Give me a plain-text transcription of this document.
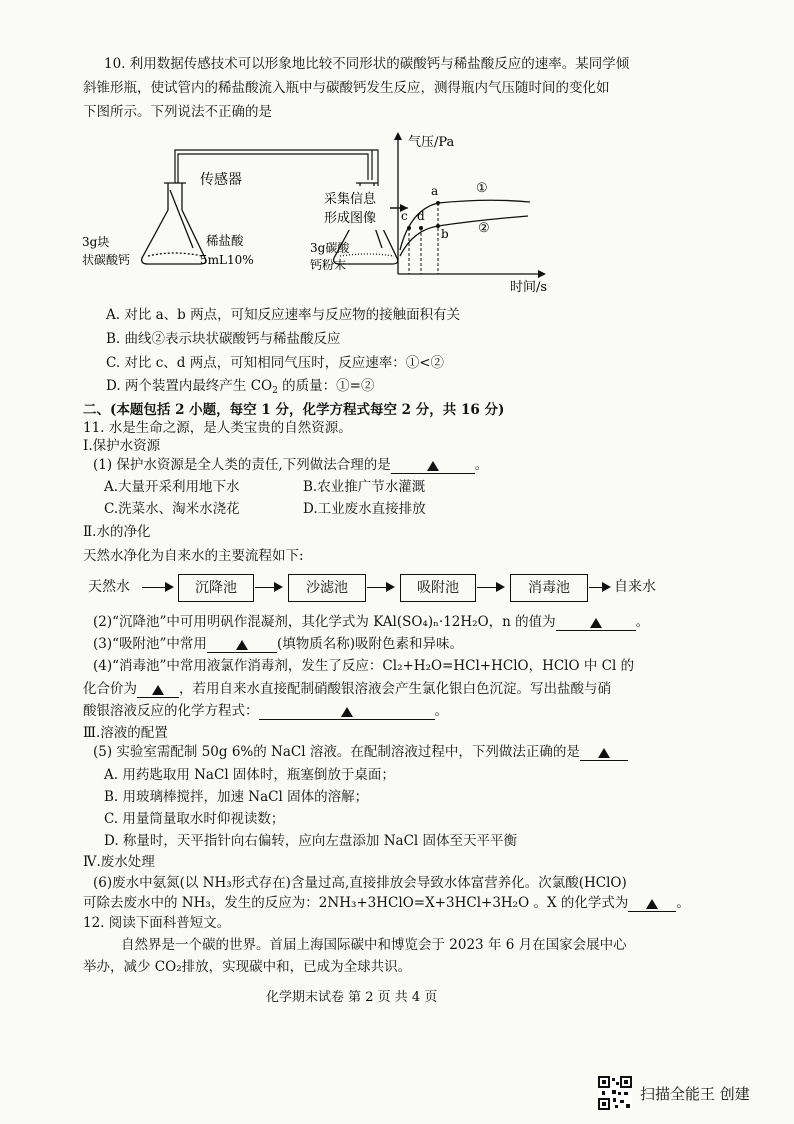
10. 利用数据传感技术可以形象地比较不同形状的碳酸钙与稀盐酸反应的速率。某同学倾
斜锥形瓶，使试管内的稀盐酸流入瓶中与碳酸钙发生反应，测得瓶内气压随时间的变化如
下图所示。下列说法不正确的是
传感器
3g块
状碳酸钙
稀盐酸
5mL10%
3g碳酸
钙粉末
采集信息
形成图像
气压/Pa
时间/s
a
b
c d
①
②
A. 对比 a、b 两点，可知反应速率与反应物的接触面积有关
B. 曲线②表示块状碳酸钙与稀盐酸反应
C. 对比 c、d 两点，可知相同气压时，反应速率：①<②
D. 两个装置内最终产生 $CO_2$ 的质量：①=②
二、(本题包括 2 小题，每空 1 分，化学方程式每空 2 分，共 16 分)
11. 水是生命之源，是人类宝贵的自然资源。
Ⅰ.保护水资源
(1) 保护水资源是全人类的责任,下列做法合理的是	。
A.大量开采利用地下水	B.农业推广节水灌溉
C.洗菜水、淘米水浇花	D.工业废水直接排放
Ⅱ.水的净化
天然水净化为自来水的主要流程如下:
天然水	沉降池	沙滤池	吸附池	消毒池	自来水
(2)“沉降池”中可用明矾作混凝剂，其化学式为 KAl(SO₄)ₙ·12H₂O，n 的值为	。
(3)“吸附池”中常用	(填物质名称)吸附色素和异味。
(4)“消毒池”中常用液氯作消毒剂，发生了反应：Cl₂+H₂O=HCl+HClO，HClO 中 Cl 的
化合价为	，若用自来水直接配制硝酸银溶液会产生氯化银白色沉淀。写出盐酸与硝
酸银溶液反应的化学方程式：	。
Ⅲ.溶液的配置
(5) 实验室需配制 50g 6%的 NaCl 溶液。在配制溶液过程中，下列做法正确的是
A. 用药匙取用 NaCl 固体时，瓶塞倒放于桌面；
B. 用玻璃棒搅拌，加速 NaCl 固体的溶解；
C. 用量筒量取水时仰视读数；
D. 称量时，天平指针向右偏转，应向左盘添加 NaCl 固体至天平平衡
Ⅳ.废水处理
(6)废水中氨氮(以 NH₃形式存在)含量过高,直接排放会导致水体富营养化。次氯酸(HClO)
可除去废水中的 NH₃，发生的反应为：2NH₃+3HClO=X+3HCl+3H₂O 。X 的化学式为	。
12. 阅读下面科普短文。
自然界是一个碳的世界。首届上海国际碳中和博览会于 2023 年 6 月在国家会展中心
举办，减少 CO₂排放，实现碳中和，已成为全球共识。
化学期末试卷 第 2 页 共 4 页
扫描全能王 创建
